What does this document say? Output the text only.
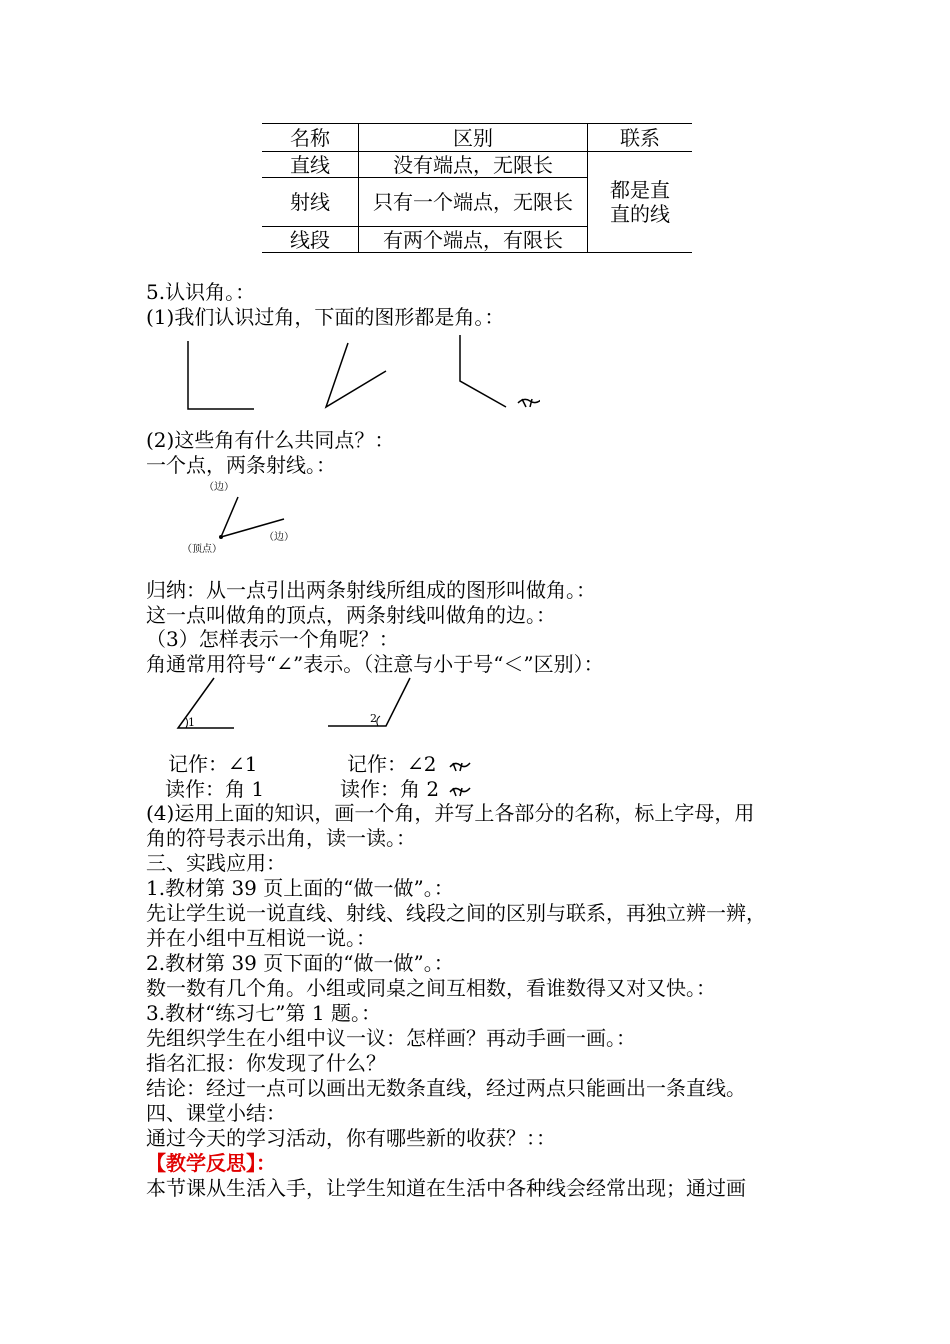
名称	区别	联系
直线	没有端点，无限长	都是直直的线
射线	只有一个端点，无限长	
线段	有两个端点，有限长	
5.认识角。：
(1)我们认识过角，下面的图形都是角。：
(2)这些角有什么共同点？：
一个点，两条射线。：
（边）
（边）
（顶点）
归纳：从一点引出两条射线所组成的图形叫做角。：
这一点叫做角的顶点，两条射线叫做角的边。：
（3）怎样表示一个角呢？：
角通常用符号“∠”表示。（注意与小于号“＜”区别）：
1	2
记作：∠1	记作：∠2
读作：角 1	读作：角 2
(4)运用上面的知识，画一个角，并写上各部分的名称，标上字母，用
角的符号表示出角，读一读。：
三、实践应用：
1.教材第 39 页上面的“做一做”。：
先让学生说一说直线、射线、线段之间的区别与联系，再独立辨一辨，
并在小组中互相说一说。：
2.教材第 39 页下面的“做一做”。：
数一数有几个角。小组或同桌之间互相数，看谁数得又对又快。：
3.教材“练习七”第 1 题。：
先组织学生在小组中议一议：怎样画？再动手画一画。：
指名汇报：你发现了什么？
结论：经过一点可以画出无数条直线，经过两点只能画出一条直线。
四、课堂小结：
通过今天的学习活动，你有哪些新的收获？：：
【教学反思】：
本节课从生活入手，让学生知道在生活中各种线会经常出现；通过画
